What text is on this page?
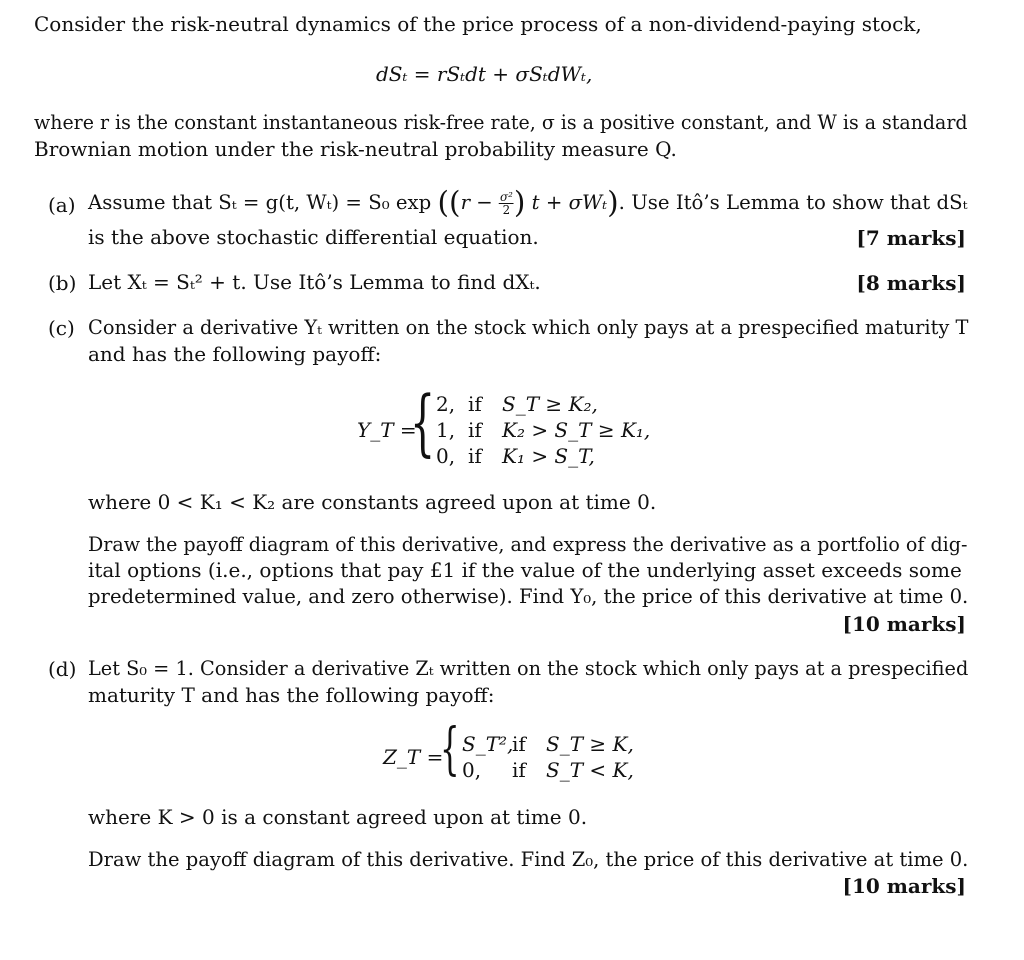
Consider the risk-neutral dynamics of the price process of a non-dividend-paying stock,
dSₜ = rSₜdt + σSₜdWₜ,
where r is the constant instantaneous risk-free rate, σ is a positive constant, and W is a standard
Brownian motion under the risk-neutral probability measure Q.
(a) Assume that Sₜ = g(t, Wₜ) = S₀ $\exp ((r - \frac{\text{σ²}}{2}$ ) t + σWₜ). Use Itô’s Lemma to show that dSₜ
is the above stochastic differential equation.	[7 marks]
(b) Let Xₜ = Sₜ² + t. Use Itô’s Lemma to find dXₜ.	[8 marks]
(c) Consider a derivative Yₜ written on the stock which only pays at a prespecified maturity T
and has the following payoff:
Y_T =
{ 2, if S_T ≥ K₂,
1, if K₂ > S_T ≥ K₁,
0, if K₁ > S_T,
where 0 < K₁ < K₂ are constants agreed upon at time 0.
Draw the payoff diagram of this derivative, and express the derivative as a portfolio of dig-
ital options (i.e., options that pay £1 if the value of the underlying asset exceeds some
predetermined value, and zero otherwise). Find Y₀, the price of this derivative at time 0.
[10 marks]
(d) Let S₀ = 1. Consider a derivative Zₜ written on the stock which only pays at a prespecified
maturity T and has the following payoff:
Z_T =
{ S_T²,if S_T ≥ K,
0, if S_T < K,
where K > 0 is a constant agreed upon at time 0.
Draw the payoff diagram of this derivative. Find Z₀, the price of this derivative at time 0.
[10 marks]
